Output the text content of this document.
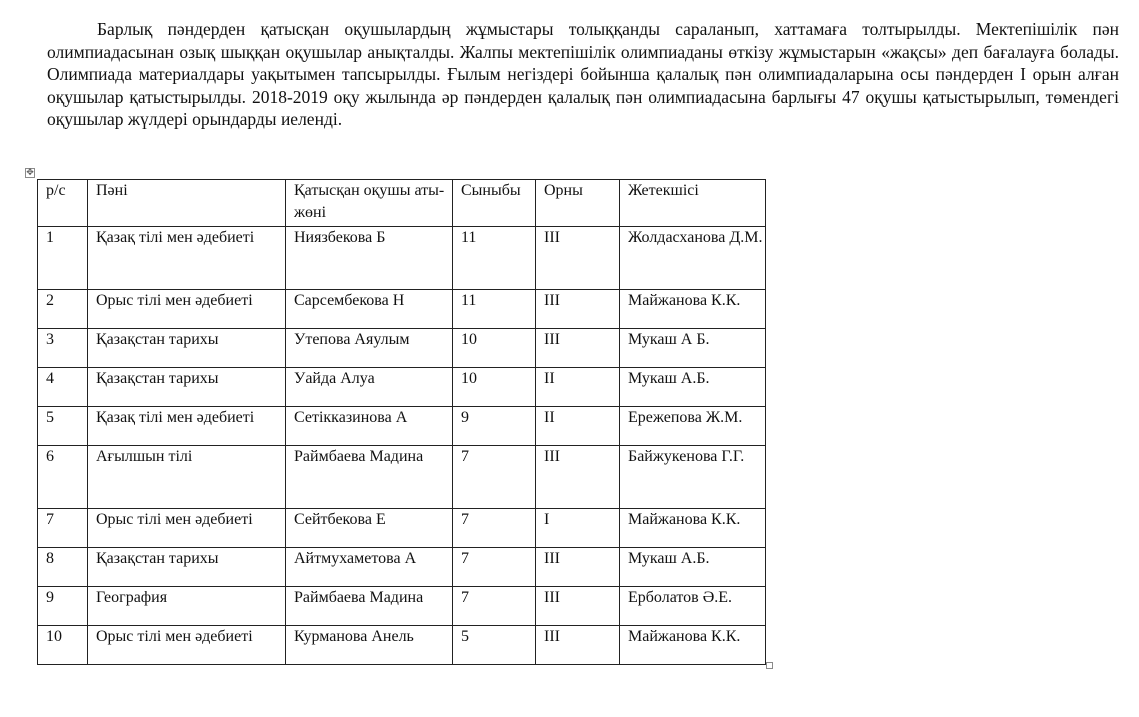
Барлық пәндерден қатысқан оқушылардың жұмыстары толыққанды сараланып, хаттамаға толтырылды. Мектепішілік пән олимпиадасынан озық шыққан оқушылар анықталды. Жалпы мектепішілік олимпиаданы өткізу жұмыстарын «жақсы» деп бағалауға болады. Олимпиада материалдары уақытымен тапсырылды. Ғылым негіздері бойынша қалалық пән олимпиадаларына осы пәндерден І орын алған оқушылар қатыстырылды. 2018-2019 оқу жылында әр пәндерден қалалық пән олимпиадасына барлығы 47 оқушы қатыстырылып, төмендегі оқушылар жүлдері орындарды иеленді.

✥
р/с	Пәні	Қатысқан оқушы аты-жөні	Сыныбы	Орны	Жетекшісі
1	Қазақ тілі мен әдебиеті	Ниязбекова Б	11	ІІІ	Жолдасханова Д.М.
2	Орыс тілі мен әдебиеті	Сарсембекова Н	11	ІІІ	Майжанова К.К.
3	Қазақстан тарихы	Утепова Аяулым	10	ІІІ	Мукаш А Б.
4	Қазақстан тарихы	Уайда Алуа	10	ІІ	Мукаш А.Б.
5	Қазақ тілі мен әдебиеті	Сетікказинова А	9	ІІ	Ережепова Ж.М.
6	Ағылшын тілі	Раймбаева Мадина	7	ІІІ	Байжукенова Г.Г.
7	Орыс тілі мен әдебиеті	Сейтбекова Е	7	І	Майжанова К.К.
8	Қазақстан тарихы	Айтмухаметова А	7	ІІІ	Мукаш А.Б.
9	География	Раймбаева Мадина	7	ІІІ	Ерболатов Ә.Е.
10	Орыс тілі мен әдебиеті	Курманова Анель	5	ІІІ	Майжанова К.К.
